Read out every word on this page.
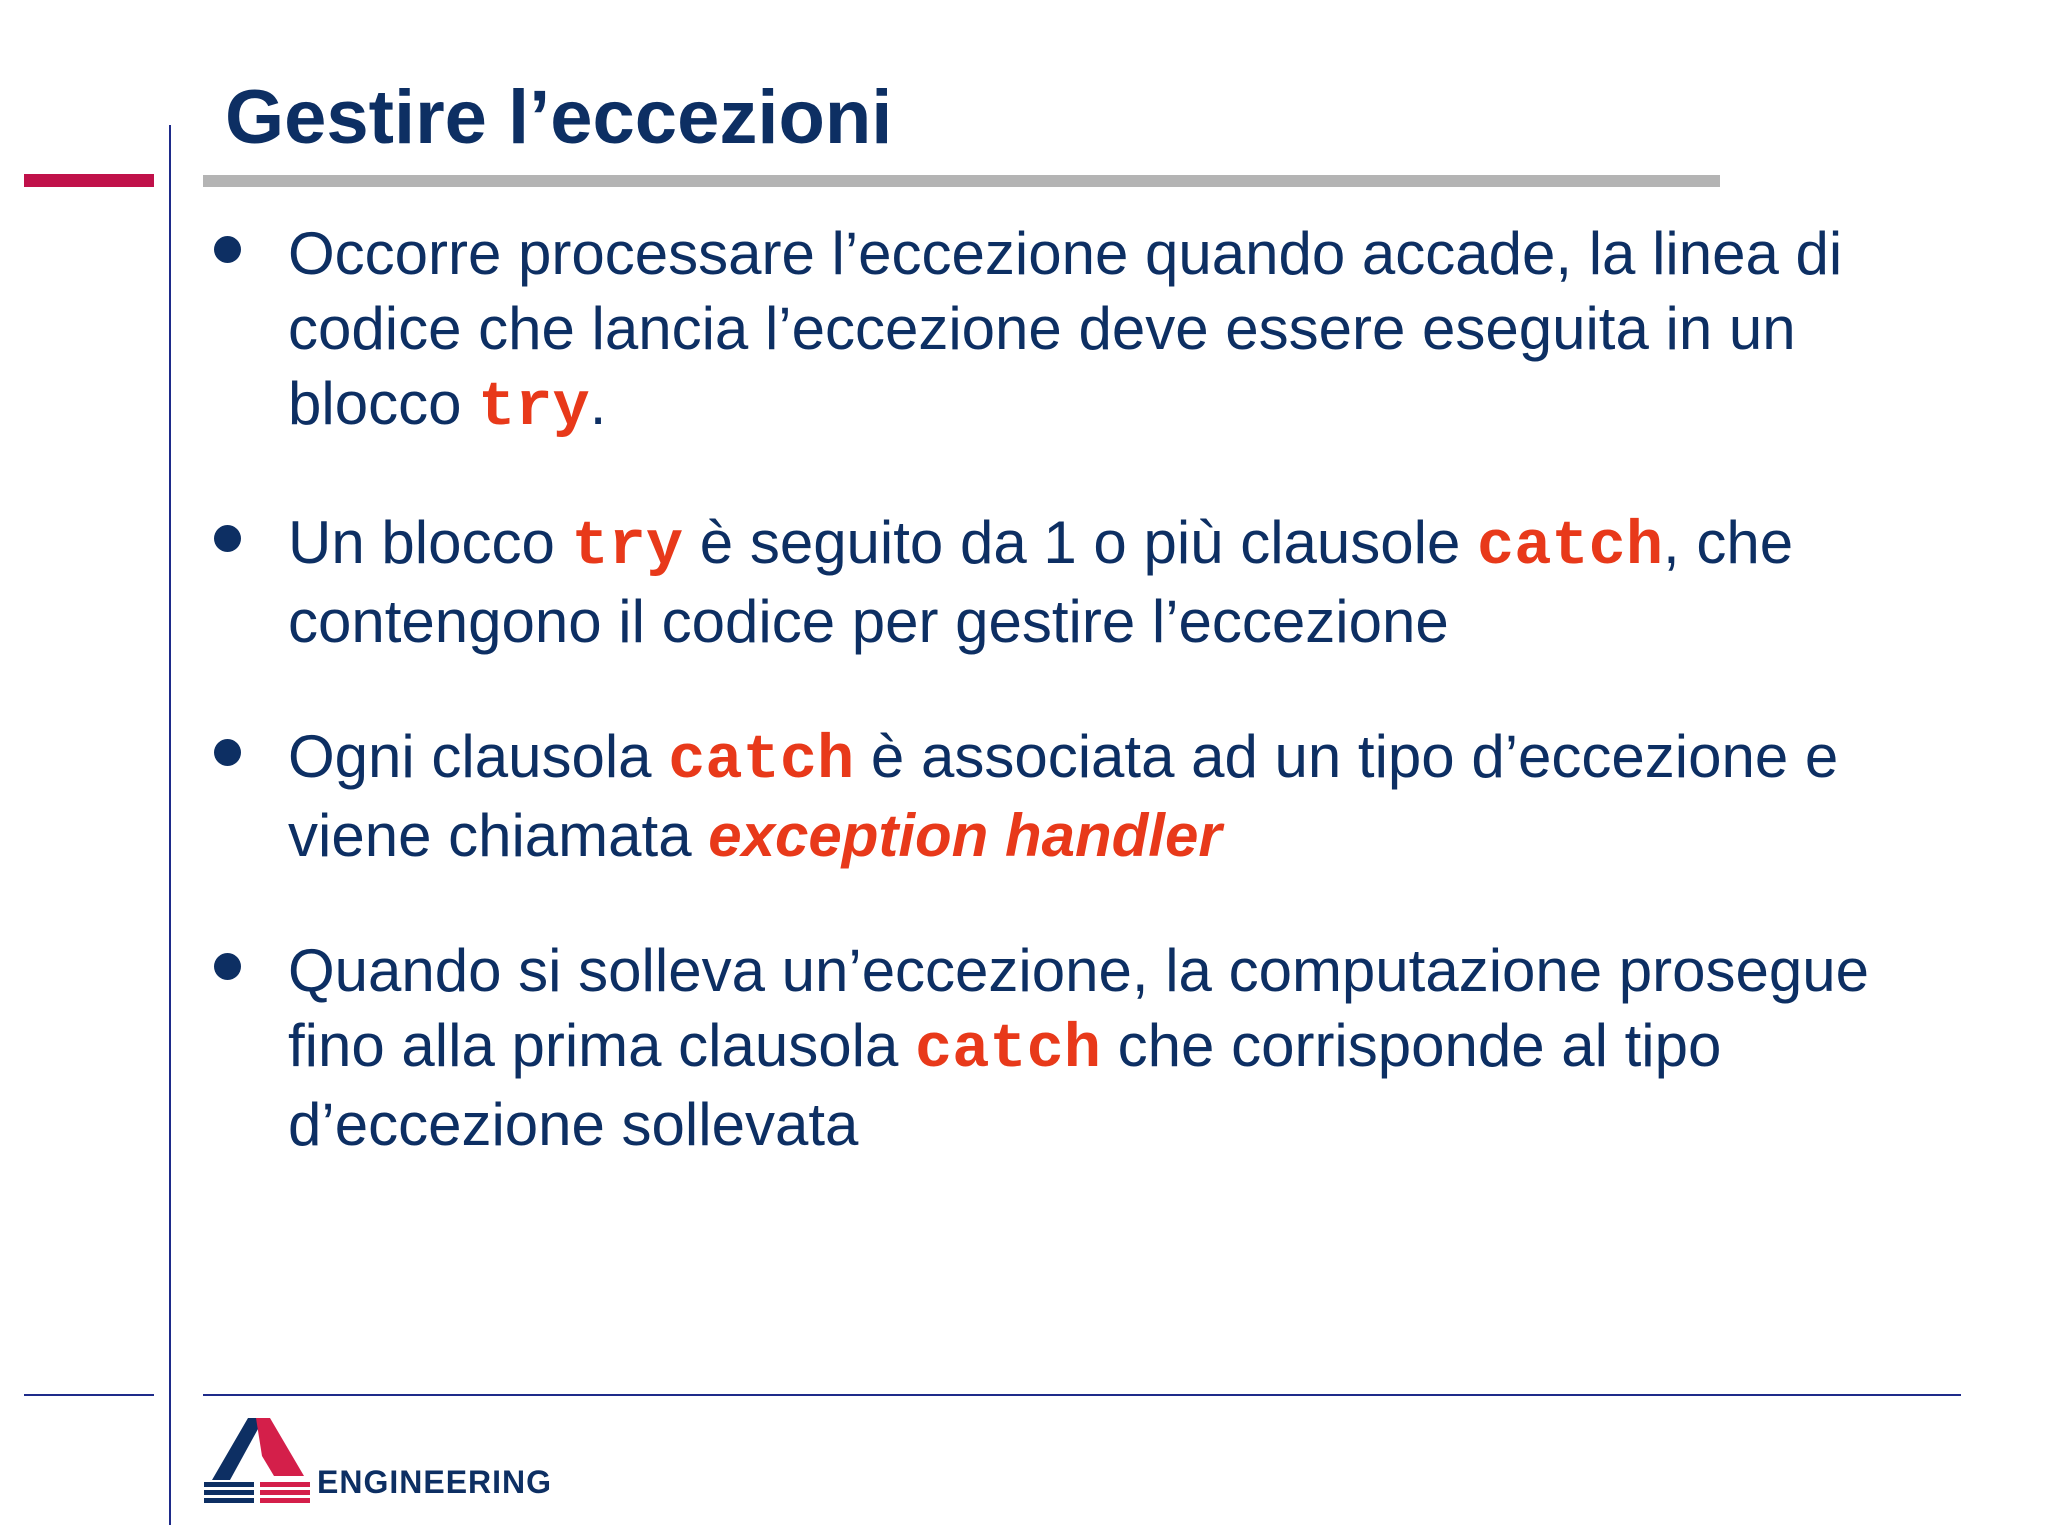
Gestire l’eccezioni
Occorre processare l’eccezione quando accade, la linea di codice che lancia l’eccezione deve essere eseguita in un blocco try.
Un blocco try è seguito da 1 o più clausole catch, che contengono il codice per gestire l’eccezione
Ogni clausola catch è associata ad un tipo d’eccezione e viene chiamata exception handler
Quando si solleva un’eccezione, la computazione prosegue fino alla prima clausola catch che corrisponde al tipo d’eccezione sollevata
ENGINEERING
